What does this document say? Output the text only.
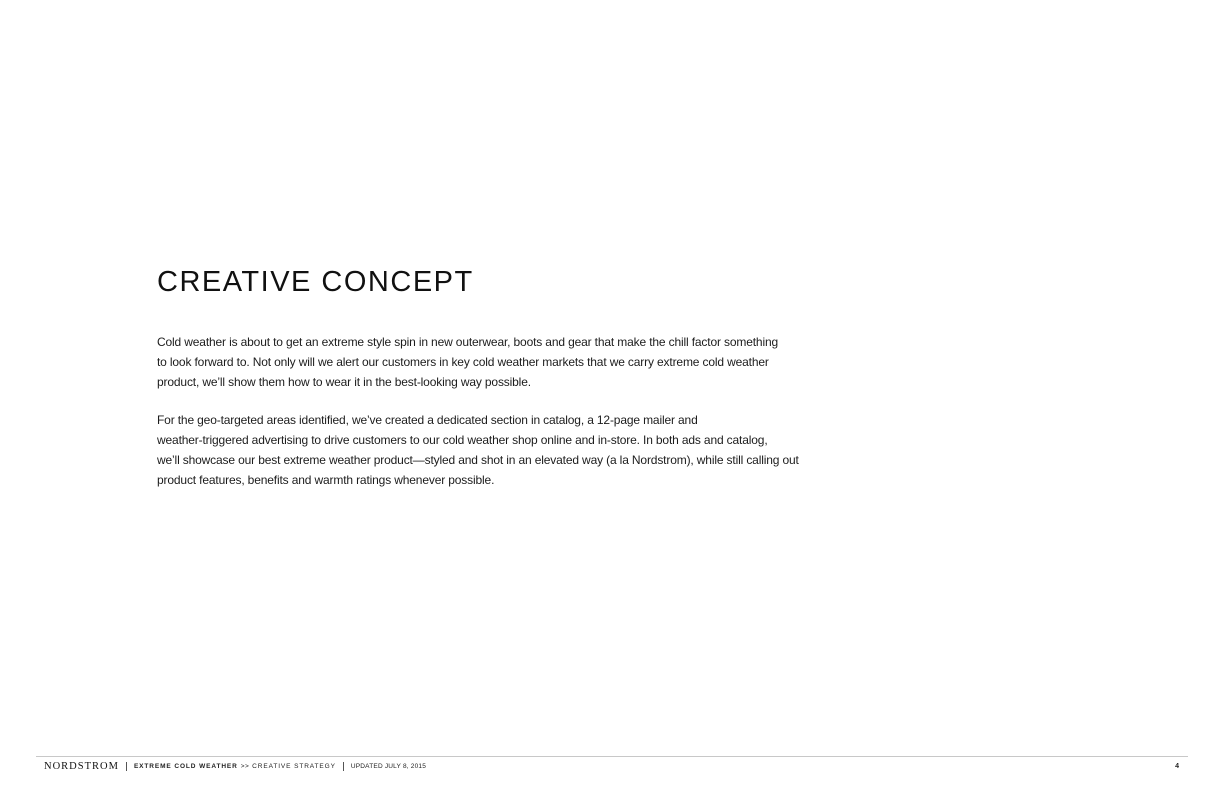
CREATIVE CONCEPT

Cold weather is about to get an extreme style spin in new outerwear, boots and gear that make the chill factor something
to look forward to. Not only will we alert our customers in key cold weather markets that we carry extreme cold weather
product, we’ll show them how to wear it in the best-looking way possible.

For the geo-targeted areas identified, we’ve created a dedicated section in catalog, a 12-page mailer and
weather-triggered advertising to drive customers to our cold weather shop online and in-store. In both ads and catalog,
we’ll showcase our best extreme weather product—styled and shot in an elevated way (a la Nordstrom), while still calling out
product features, benefits and warmth ratings whenever possible.

NORDSTROM EXTREME COLD WEATHER >> CREATIVE STRATEGY UPDATED JULY 8, 2015	4
